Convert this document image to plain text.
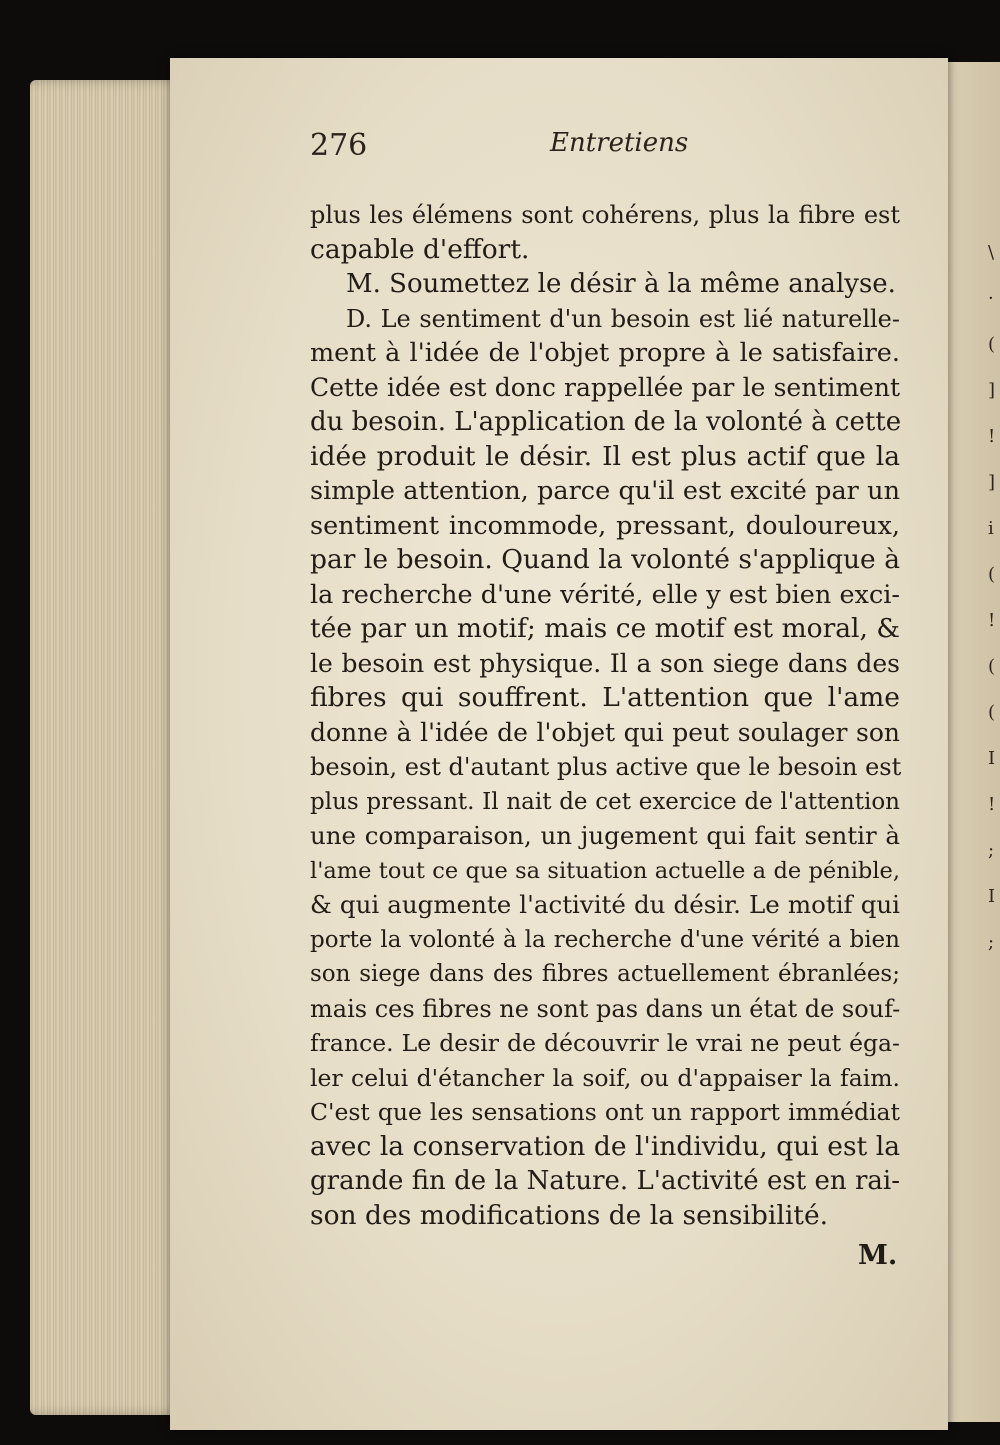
\
·
(
]
!
]
i
(
!
(
(
I
!
;
I
;
276	Entretiens
plus les élémens sont cohérens, plus la fibre est
capable d'effort.
M. Soumettez le désir à la même analyse.
D. Le sentiment d'un besoin est lié naturelle-
ment à l'idée de l'objet propre à le satisfaire.
Cette idée est donc rappellée par le sentiment
du besoin. L'application de la volonté à cette
idée produit le désir. Il est plus actif que la
simple attention, parce qu'il est excité par un
sentiment incommode, pressant, douloureux,
par le besoin. Quand la volonté s'applique à
la recherche d'une vérité, elle y est bien exci-
tée par un motif; mais ce motif est moral, &
le besoin est physique. Il a son siege dans des
fibres qui souffrent. L'attention que l'ame
donne à l'idée de l'objet qui peut soulager son
besoin, est d'autant plus active que le besoin est
plus pressant. Il nait de cet exercice de l'attention
une comparaison, un jugement qui fait sentir à
l'ame tout ce que sa situation actuelle a de pénible,
& qui augmente l'activité du désir. Le motif qui
porte la volonté à la recherche d'une vérité a bien
son siege dans des fibres actuellement ébranlées;
mais ces fibres ne sont pas dans un état de souf-
france. Le desir de découvrir le vrai ne peut éga-
ler celui d'étancher la soif, ou d'appaiser la faim.
C'est que les sensations ont un rapport immédiat
avec la conservation de l'individu, qui est la
grande fin de la Nature. L'activité est en rai-
son des modifications de la sensibilité.
M.
